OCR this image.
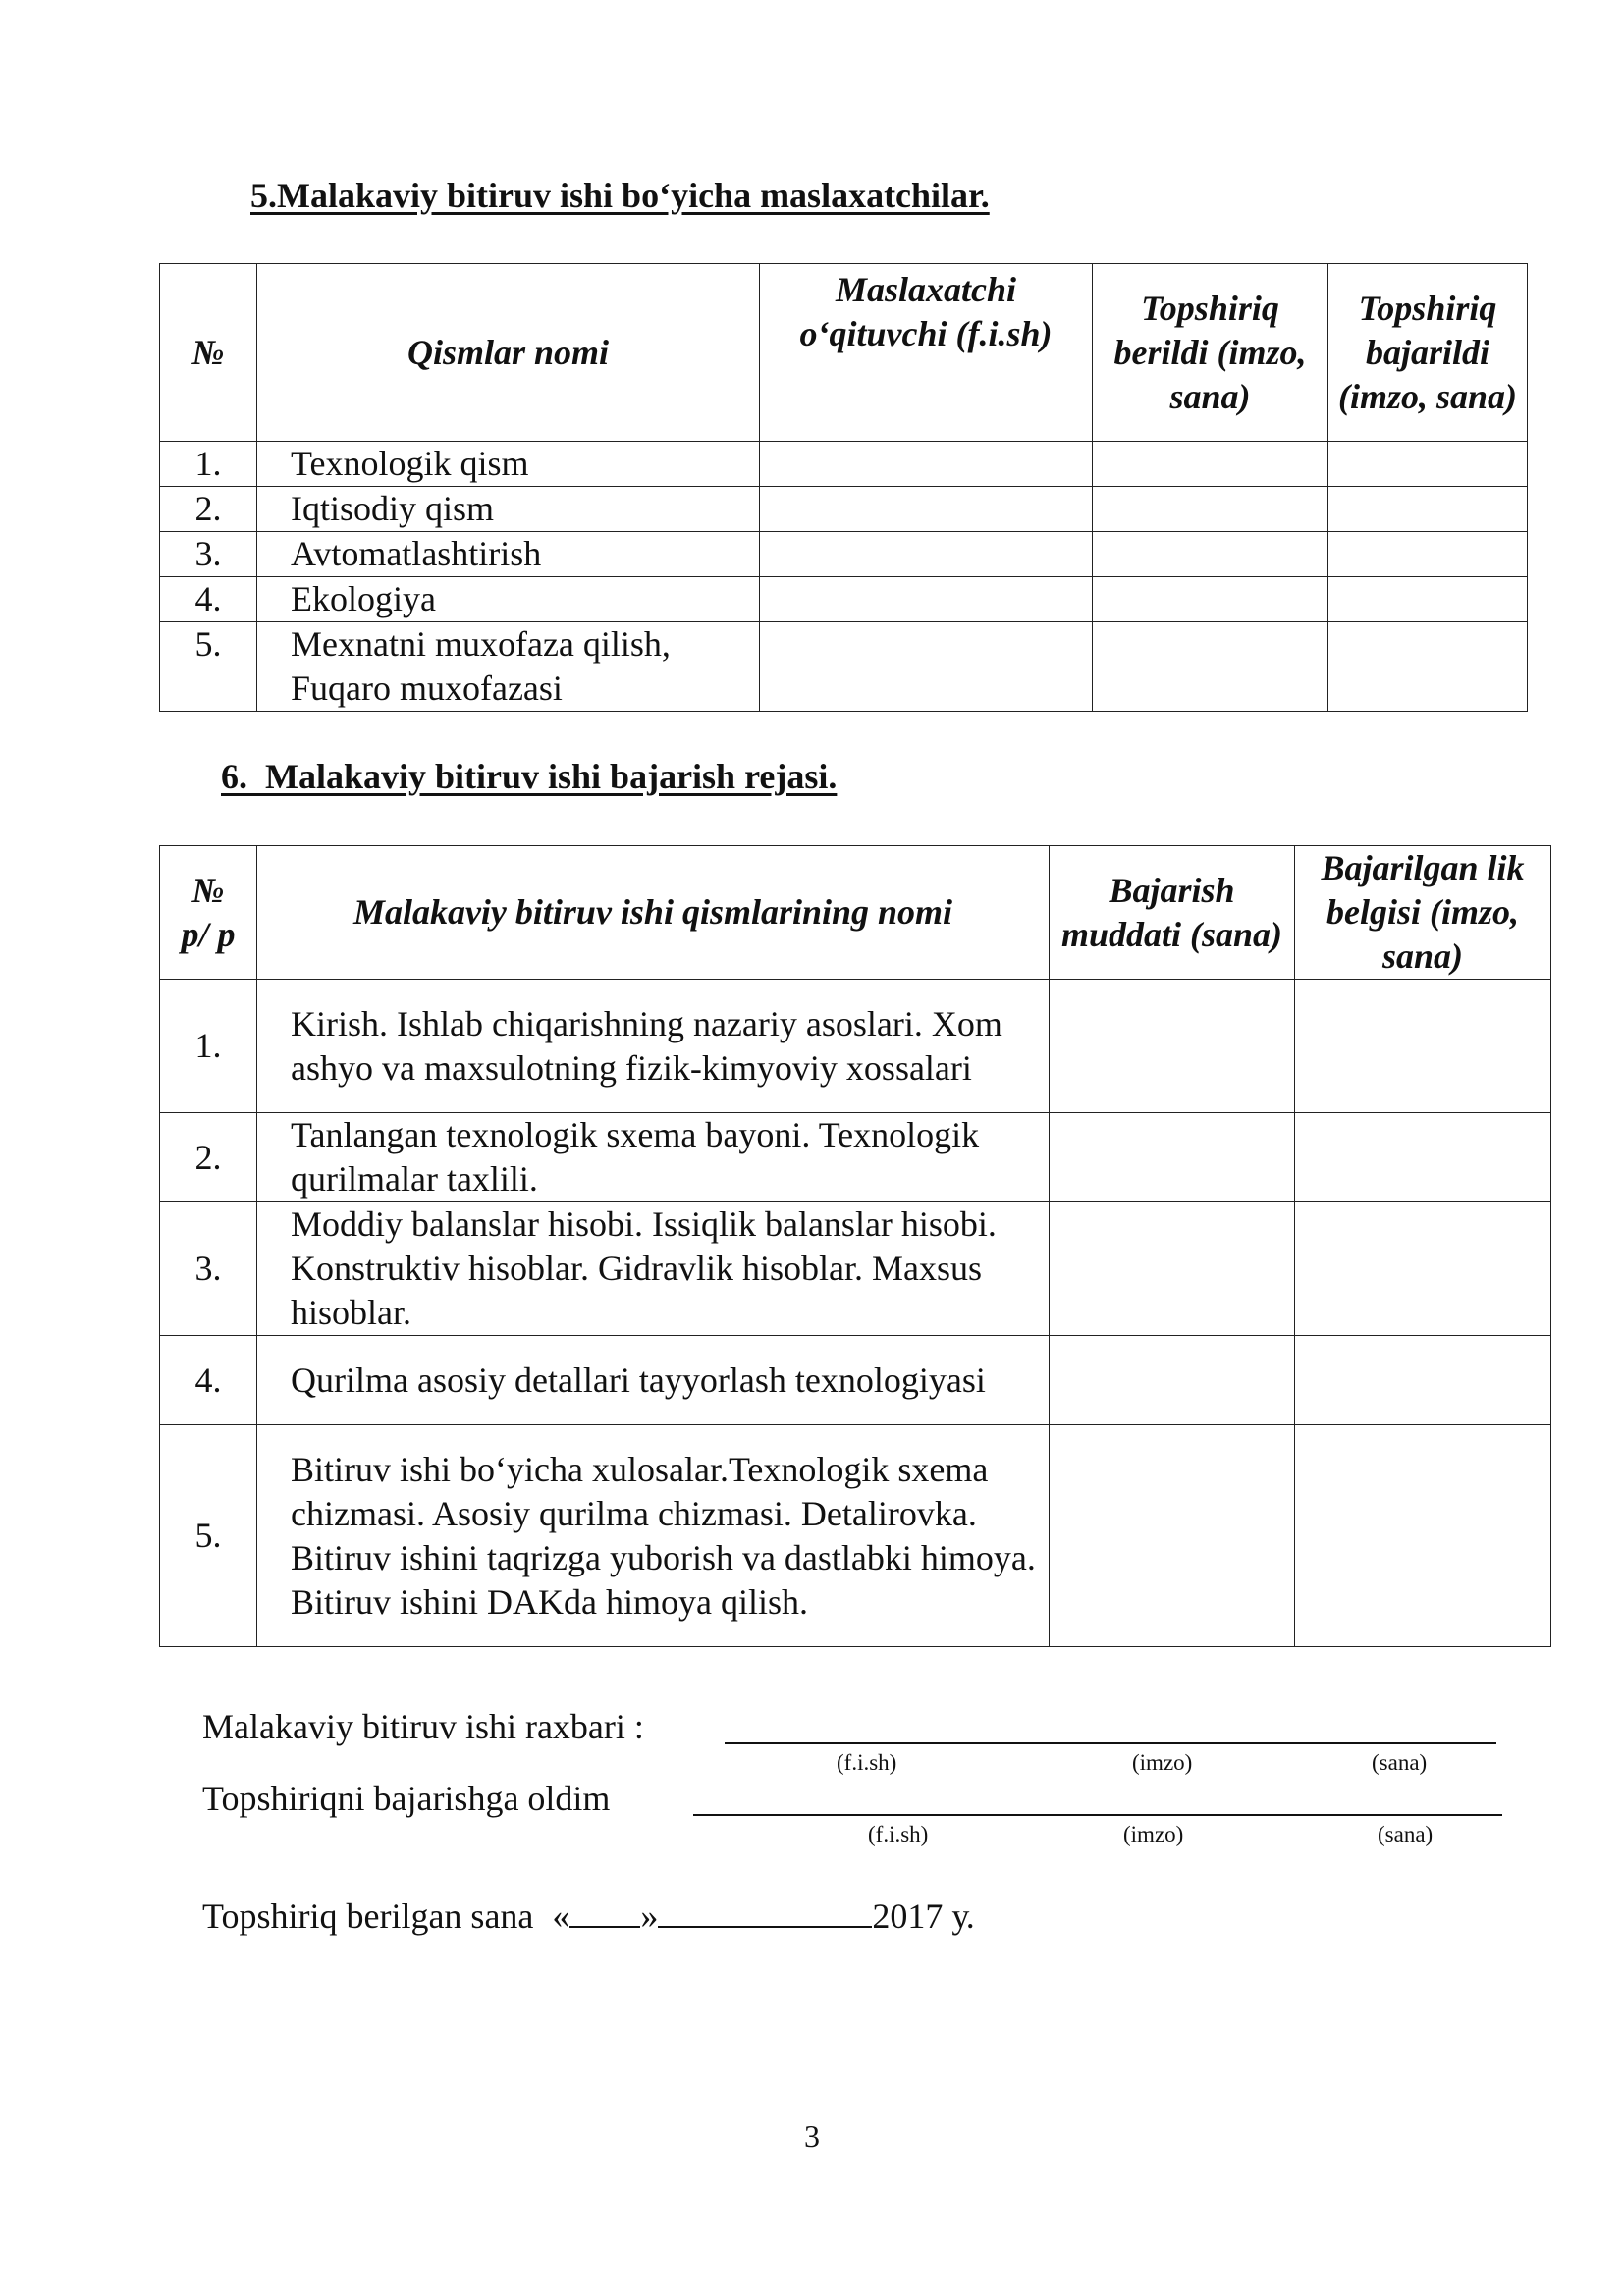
5.Malakaviy bitiruv ishi bo‘yicha maslaxatchilar.
№	Qismlar nomi	Maslaxatchi o‘qituvchi (f.i.sh)	Topshiriq berildi (imzo, sana)	Topshiriq bajarildi (imzo, sana)
1.	Texnologik qism			
2.	Iqtisodiy qism			
3.	Avtomatlashtirish			
4.	Ekologiya			
5.	Mexnatni muxofaza qilish, Fuqaro muxofazasi			
6.  Malakaviy bitiruv ishi bajarish rejasi.
№ p/ p	Malakaviy bitiruv ishi qismlarining nomi	Bajarish muddati (sana)	Bajarilgan lik belgisi (imzo, sana)
1.	Kirish. Ishlab chiqarishning nazariy asoslari. Xom ashyo va maxsulotning fizik-kimyoviy xossalari		
2.	Tanlangan texnologik sxema bayoni. Texnologik qurilmalar taxlili.		
3.	Moddiy balanslar hisobi. Issiqlik balanslar hisobi. Konstruktiv hisoblar. Gidravlik hisoblar. Maxsus hisoblar.		
4.	Qurilma asosiy detallari tayyorlash texnologiyasi		
5.	Bitiruv ishi bo‘yicha xulosalar.Texnologik sxema chizmasi. Asosiy qurilma chizmasi. Detalirovka. Bitiruv ishini taqrizga yuborish va dastlabki himoya. Bitiruv ishini DAKda himoya qilish.		
Malakaviy bitiruv ishi raxbari :
(f.i.sh)	(imzo)	(sana)
Topshiriqni bajarishga oldim
(f.i.sh)	(imzo)	(sana)
Topshiriq berilgan sana « »	2017 у.
3
